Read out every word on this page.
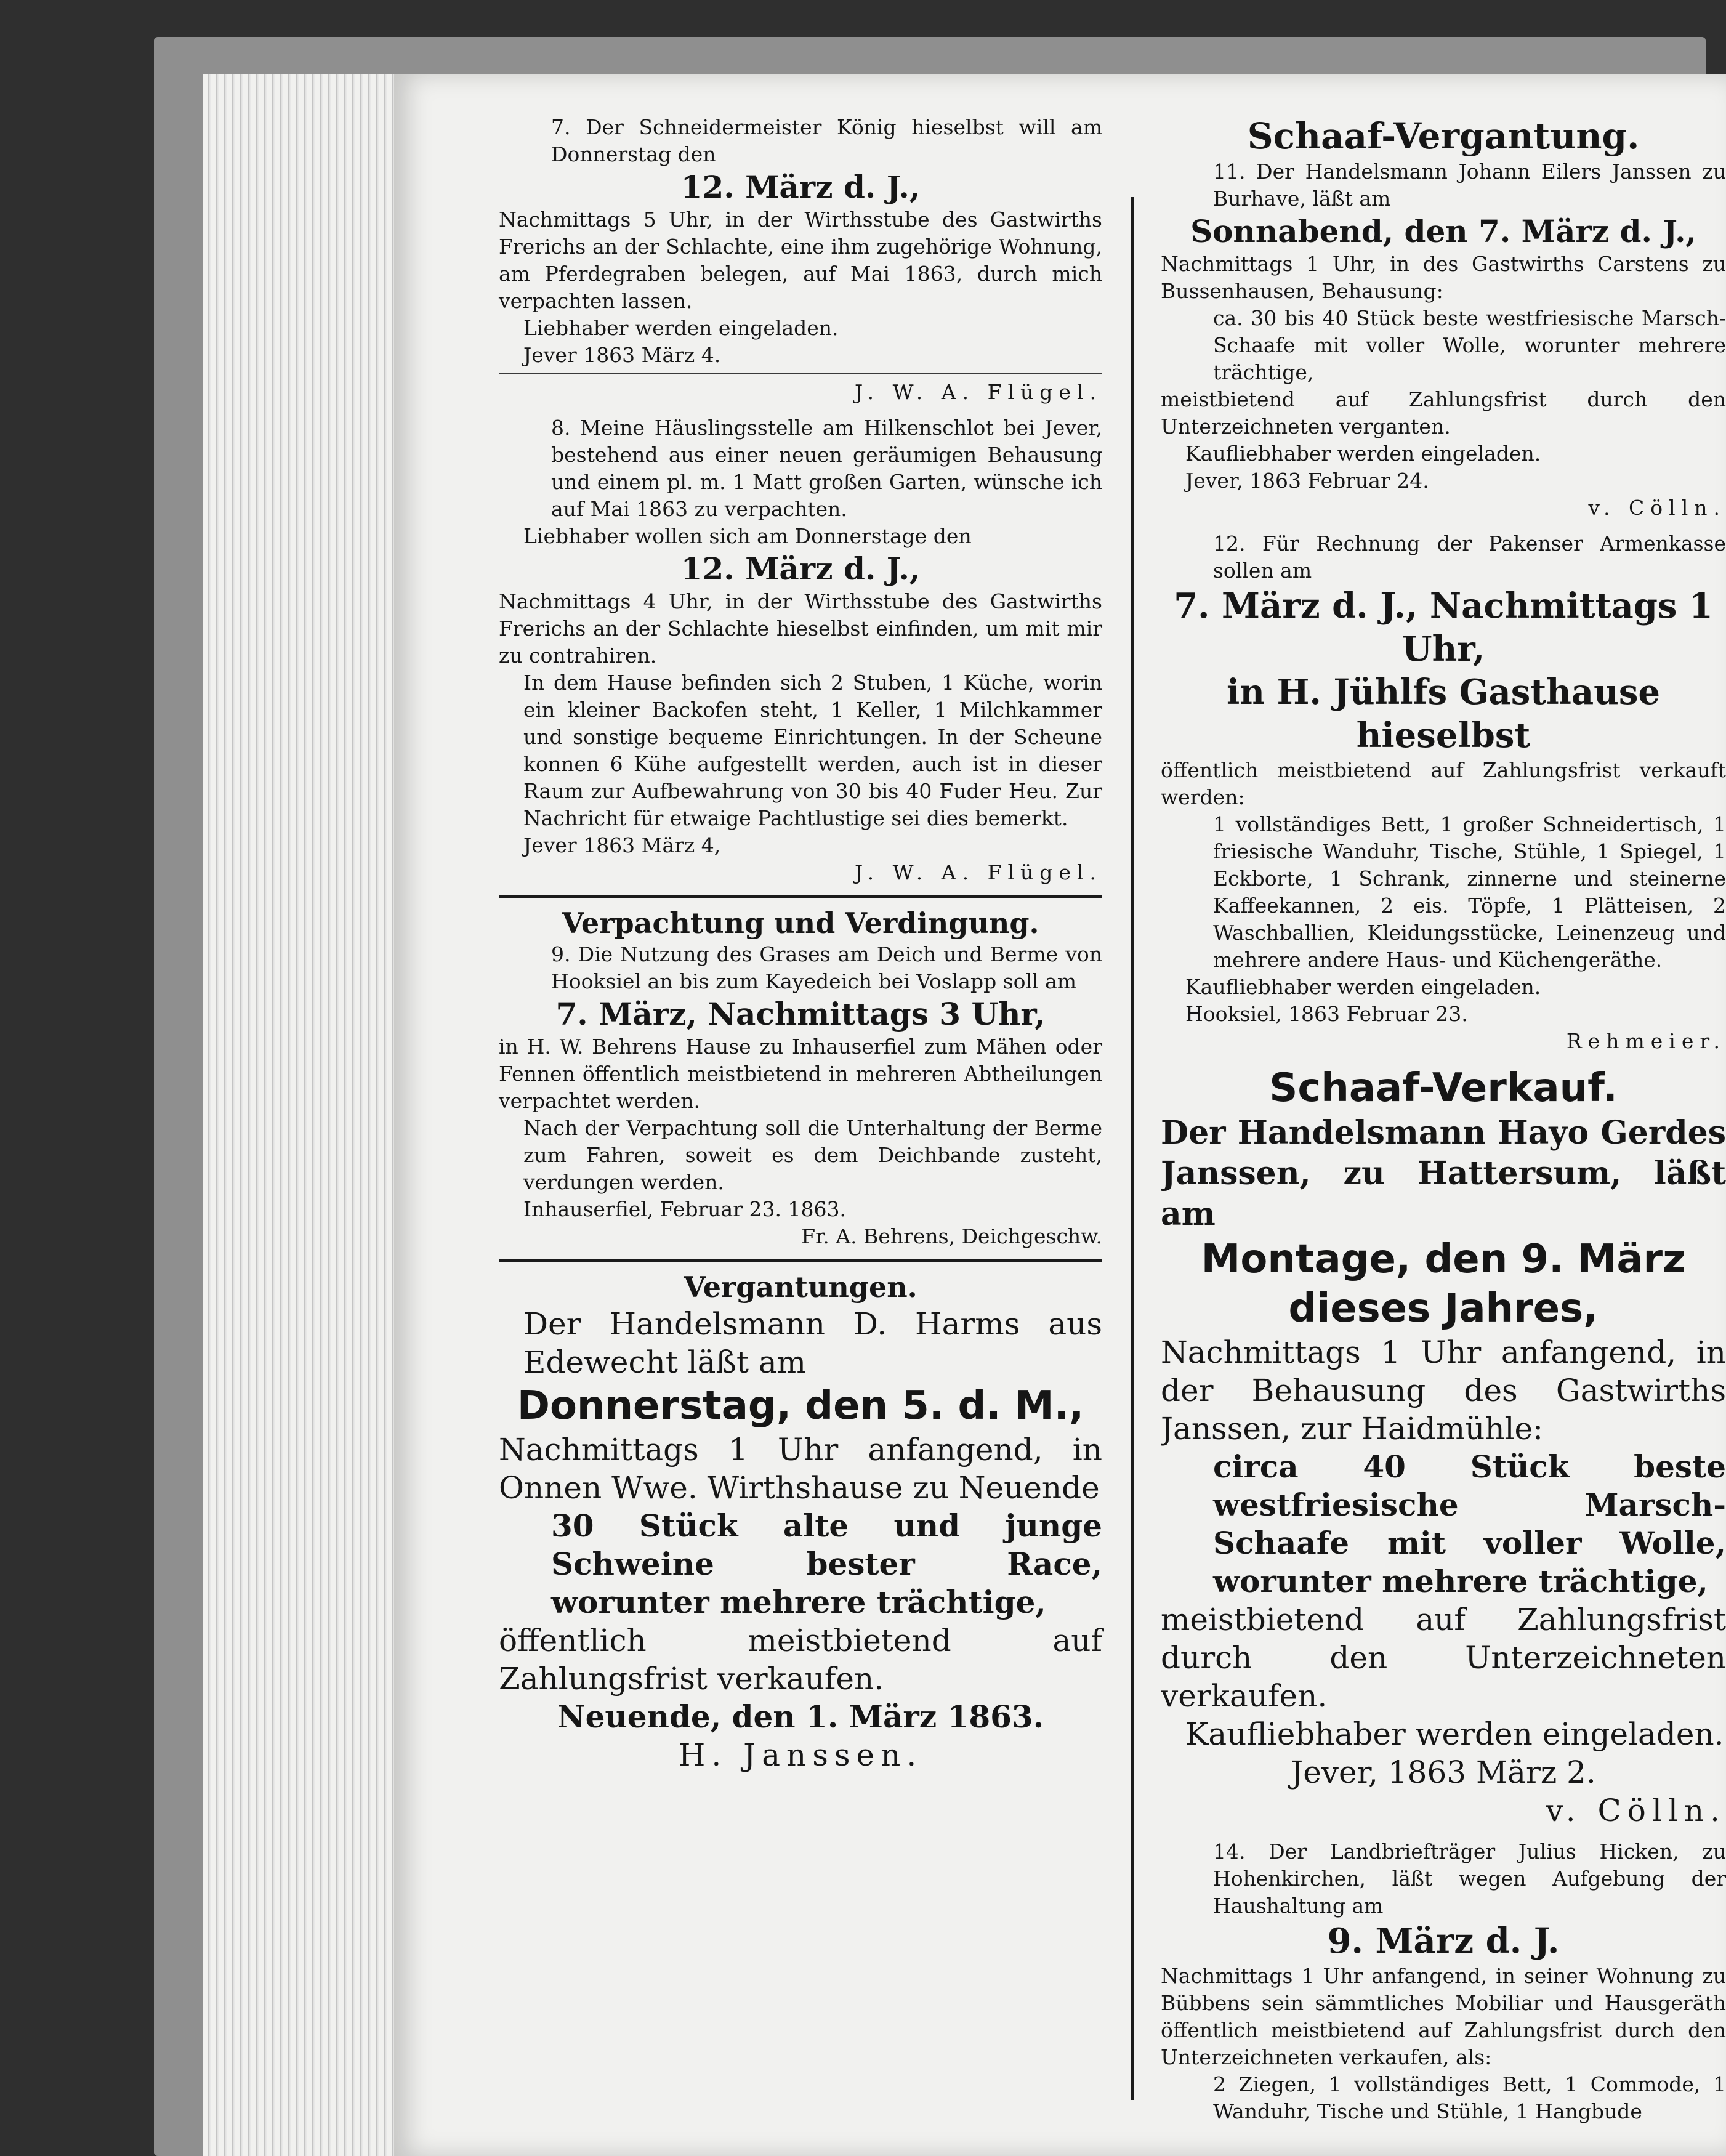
7. Der Schneidermeister König hieselbst will am Donnerstag den

12. März d. J.,

Nachmittags 5 Uhr, in der Wirthsstube des Gastwirths Frerichs an der Schlachte, eine ihm zugehörige Wohnung, am Pferdegraben belegen, auf Mai 1863, durch mich verpachten lassen.

Liebhaber werden eingeladen.

Jever 1863 März 4.

J. W. A. Flügel.

8. Meine Häuslingsstelle am Hilkenschlot bei Jever, bestehend aus einer neuen geräumigen Behausung und einem pl. m. 1 Matt großen Garten, wünsche ich auf Mai 1863 zu verpachten.

Liebhaber wollen sich am Donnerstage den

12. März d. J.,

Nachmittags 4 Uhr, in der Wirthsstube des Gastwirths Frerichs an der Schlachte hieselbst einfinden, um mit mir zu contrahiren.

In dem Hause befinden sich 2 Stuben, 1 Küche, worin ein kleiner Backofen steht, 1 Keller, 1 Milchkammer und sonstige bequeme Einrichtungen. In der Scheune konnen 6 Kühe aufgestellt werden, auch ist in dieser Raum zur Aufbewahrung von 30 bis 40 Fuder Heu. Zur Nachricht für etwaige Pachtlustige sei dies bemerkt.

Jever 1863 März 4,

J. W. A. Flügel.

Verpachtung und Verdingung.

9. Die Nutzung des Grases am Deich und Berme von Hooksiel an bis zum Kayedeich bei Voslapp soll am

7. März, Nachmittags 3 Uhr,

in H. W. Behrens Hause zu Inhauserfiel zum Mähen oder Fennen öffentlich meistbietend in mehreren Abtheilungen verpachtet werden.

Nach der Verpachtung soll die Unterhaltung der Berme zum Fahren, soweit es dem Deichbande zusteht, verdungen werden.

Inhauserfiel, Februar 23. 1863.

Fr. A. Behrens, Deichgeschw.

Vergantungen.

Der Handelsmann D. Harms aus Edewecht läßt am

Donnerstag, den 5. d. M.,

Nachmittags 1 Uhr anfangend, in Onnen Wwe. Wirthshause zu Neuende

30 Stück alte und junge Schweine bester Race, worunter mehrere trächtige,

öffentlich meistbietend auf Zahlungsfrist verkaufen.

Neuende, den 1. März 1863.

H. Janssen.

Schaaf-Vergantung.

11. Der Handelsmann Johann Eilers Janssen zu Burhave, läßt am

Sonnabend, den 7. März d. J.,

Nachmittags 1 Uhr, in des Gastwirths Carstens zu Bussenhausen, Behausung:

ca. 30 bis 40 Stück beste westfriesische Marsch-Schaafe mit voller Wolle, worunter mehrere trächtige,

meistbietend auf Zahlungsfrist durch den Unterzeichneten verganten.

Kaufliebhaber werden eingeladen.

Jever, 1863 Februar 24.

v. Cölln.

12. Für Rechnung der Pakenser Armenkasse sollen am

7. März d. J., Nachmittags 1 Uhr,

in H. Jühlfs Gasthause hieselbst

öffentlich meistbietend auf Zahlungsfrist verkauft werden:

1 vollständiges Bett, 1 großer Schneidertisch, 1 friesische Wanduhr, Tische, Stühle, 1 Spiegel, 1 Eckborte, 1 Schrank, zinnerne und steinerne Kaffeekannen, 2 eis. Töpfe, 1 Plätteisen, 2 Waschballien, Kleidungsstücke, Leinenzeug und mehrere andere Haus- und Küchengeräthe.

Kaufliebhaber werden eingeladen.

Hooksiel, 1863 Februar 23.

Rehmeier.

Schaaf-Verkauf.

Der Handelsmann Hayo Gerdes Janssen, zu Hattersum, läßt am

Montage, den 9. März

dieses Jahres,

Nachmittags 1 Uhr anfangend, in der Behausung des Gastwirths Janssen, zur Haidmühle:

circa 40 Stück beste westfriesische Marsch-Schaafe mit voller Wolle, worunter mehrere trächtige,

meistbietend auf Zahlungsfrist durch den Unterzeichneten verkaufen.

Kaufliebhaber werden eingeladen.

Jever, 1863 März 2.

v. Cölln.

14. Der Landbriefträger Julius Hicken, zu Hohenkirchen, läßt wegen Aufgebung der Haushaltung am

9. März d. J.

Nachmittags 1 Uhr anfangend, in seiner Wohnung zu Bübbens sein sämmtliches Mobiliar und Hausgeräth öffentlich meistbietend auf Zahlungsfrist durch den Unterzeichneten verkaufen, als:

2 Ziegen, 1 vollständiges Bett, 1 Commode, 1 Wanduhr, Tische und Stühle, 1 Hangbude
